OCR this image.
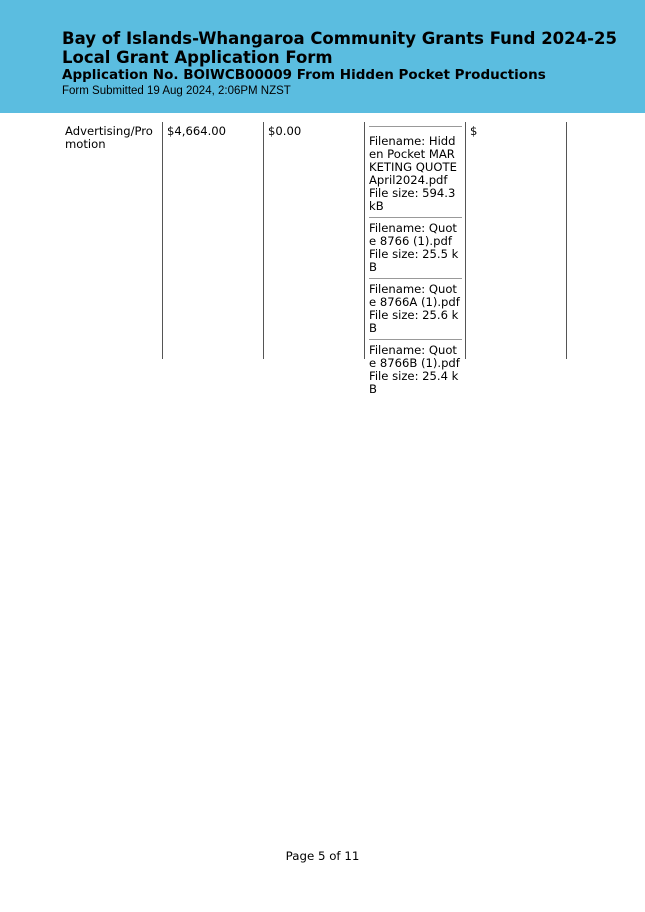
Bay of Islands-Whangaroa Community Grants Fund 2024-25
Local Grant Application Form
Application No. BOIWCB00009 From Hidden Pocket Productions
Form Submitted 19 Aug 2024, 2:06PM NZST
Advertising/Promotion
$4,664.00	$0.00
Filename: Hidden Pocket MARKETING QUOTE April2024.pdf
File size: 594.3 kB
Filename: Quote 8766 (1).pdf
File size: 25.5 kB
Filename: Quote 8766A (1).pdf
File size: 25.6 kB
Filename: Quote 8766B (1).pdf
File size: 25.4 kB
$
Page 5 of 11
